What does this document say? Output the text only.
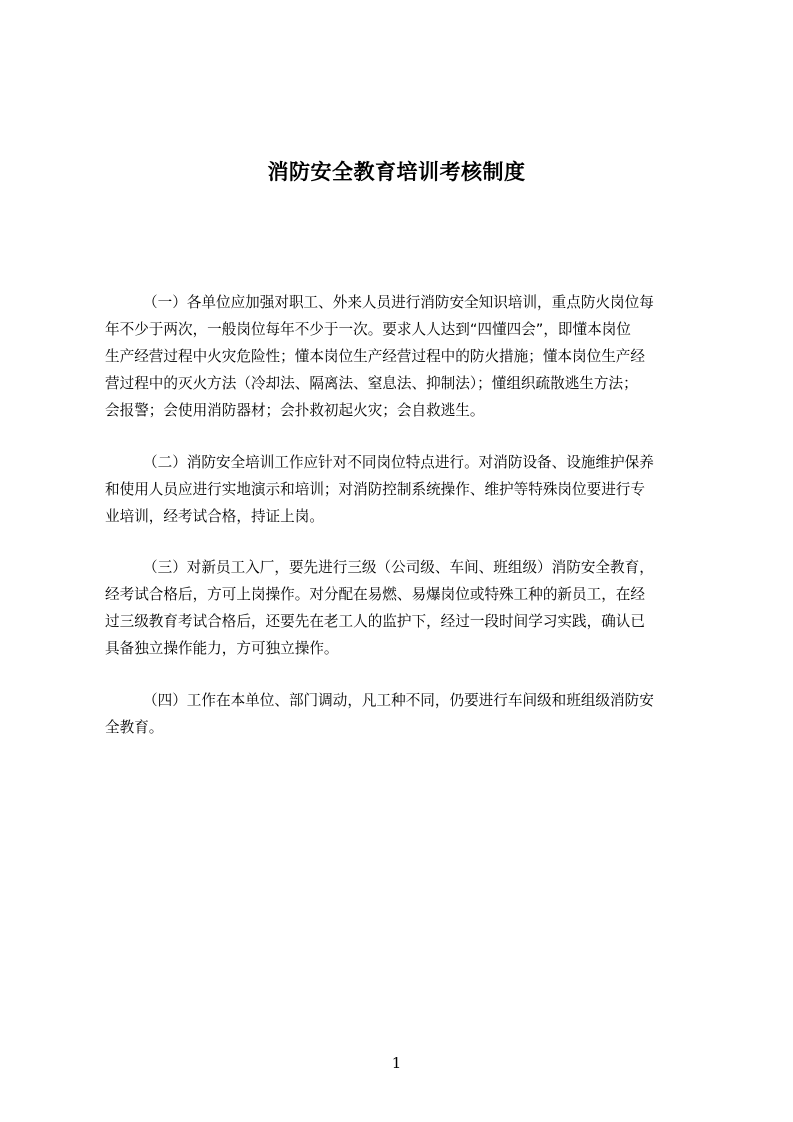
消防安全教育培训考核制度
（一）各单位应加强对职工、外来人员进行消防安全知识培训，重点防火岗位每
年不少于两次，一般岗位每年不少于一次。要求人人达到“四懂四会”，即懂本岗位
生产经营过程中火灾危险性；懂本岗位生产经营过程中的防火措施；懂本岗位生产经
营过程中的灭火方法（冷却法、隔离法、窒息法、抑制法）；懂组织疏散逃生方法；
会报警；会使用消防器材；会扑救初起火灾；会自救逃生。
（二）消防安全培训工作应针对不同岗位特点进行。对消防设备、设施维护保养
和使用人员应进行实地演示和培训；对消防控制系统操作、维护等特殊岗位要进行专
业培训，经考试合格，持证上岗。
（三）对新员工入厂，要先进行三级（公司级、车间、班组级）消防安全教育，
经考试合格后，方可上岗操作。对分配在易燃、易爆岗位或特殊工种的新员工，在经
过三级教育考试合格后，还要先在老工人的监护下，经过一段时间学习实践，确认已
具备独立操作能力，方可独立操作。
（四）工作在本单位、部门调动，凡工种不同，仍要进行车间级和班组级消防安
全教育。
1
